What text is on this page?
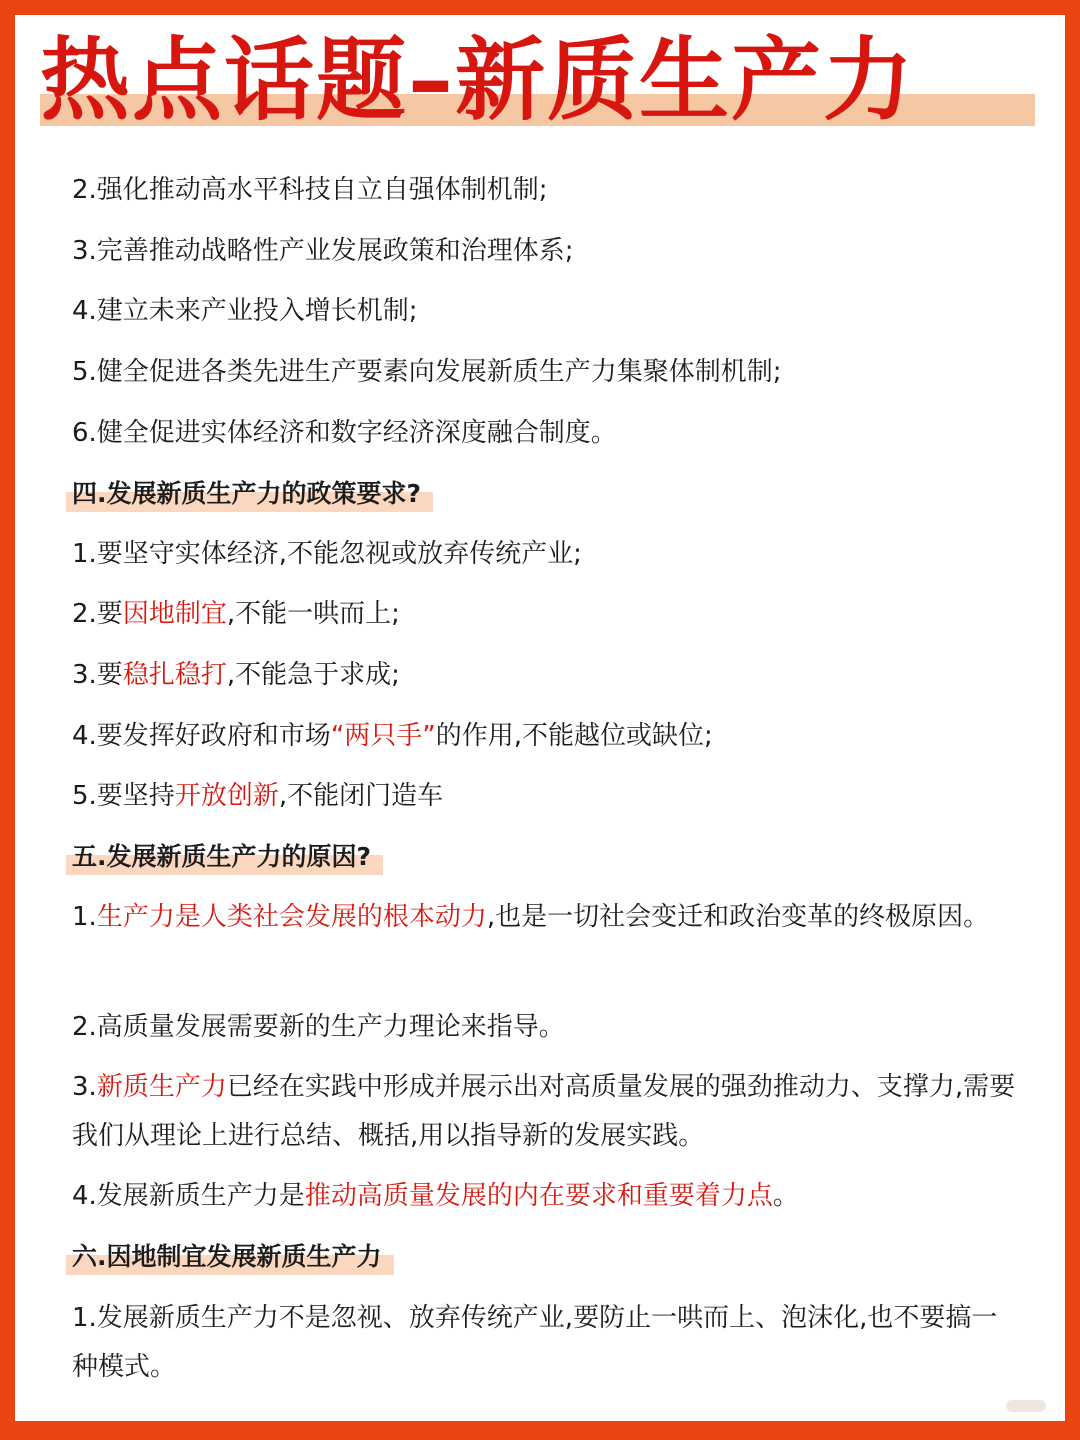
热点话题–新质生产力
2.强化推动高水平科技自立自强体制机制;
3.完善推动战略性产业发展政策和治理体系;
4.建立未来产业投入增长机制;
5.健全促进各类先进生产要素向发展新质生产力集聚体制机制;
6.健全促进实体经济和数字经济深度融合制度。
四.发展新质生产力的政策要求?
1.要坚守实体经济,不能忽视或放弃传统产业;
2.要因地制宜,不能一哄而上;
3.要稳扎稳打,不能急于求成;
4.要发挥好政府和市场“两只手”的作用,不能越位或缺位;
5.要坚持开放创新,不能闭门造车
五.发展新质生产力的原因?
1.生产力是人类社会发展的根本动力,也是一切社会变迁和政治变革的终极原因。
2.高质量发展需要新的生产力理论来指导。
3.新质生产力已经在实践中形成并展示出对高质量发展的强劲推动力、支撑力,需要我们从理论上进行总结、概括,用以指导新的发展实践。
4.发展新质生产力是推动高质量发展的内在要求和重要着力点。
六.因地制宜发展新质生产力
1.发展新质生产力不是忽视、放弃传统产业,要防止一哄而上、泡沫化,也不要搞一种模式。
